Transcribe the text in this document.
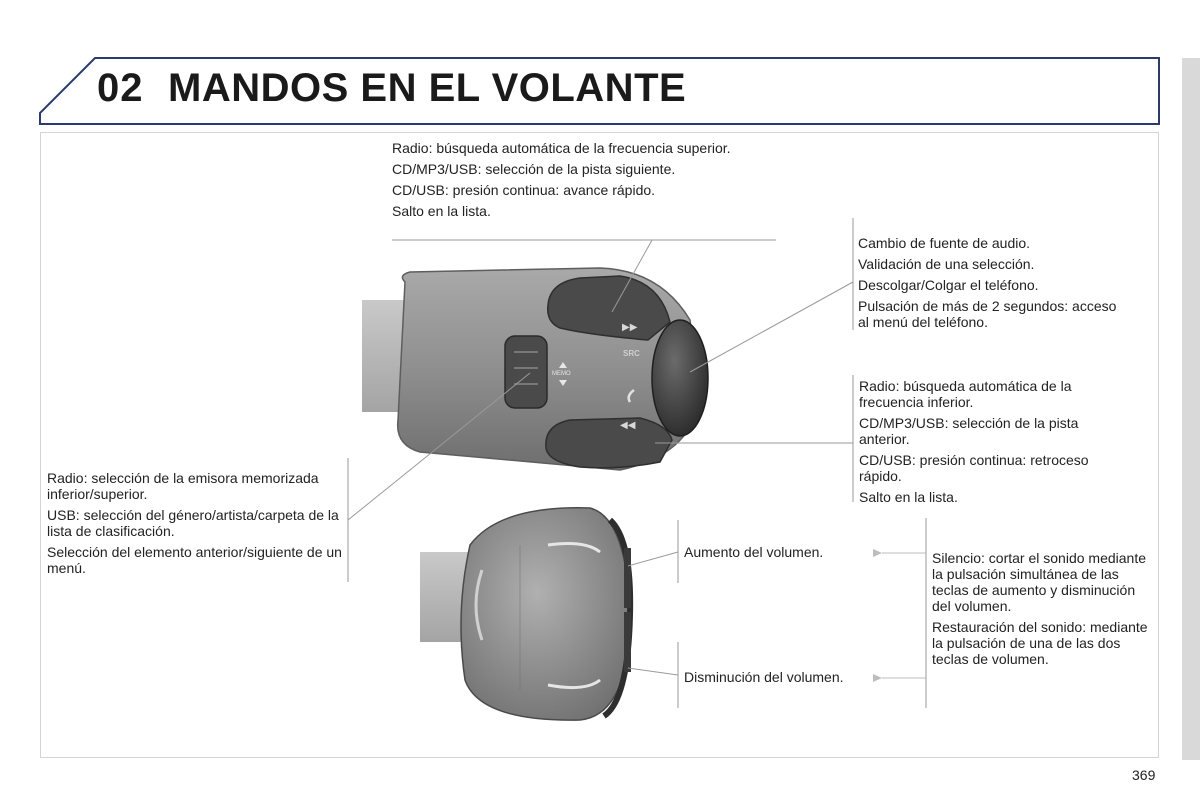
02 MANDOS EN EL VOLANTE
▶▶
◀◀
SRC
MEMO

Radio: búsqueda automática de la frecuencia superior.

CD/MP3/USB: selección de la pista siguiente.

CD/USB: presión continua: avance rápido.

Salto en la lista.

Cambio de fuente de audio.

Validación de una selección.

Descolgar/Colgar el teléfono.

Pulsación de más de 2 segundos: acceso al menú del teléfono.

Radio: búsqueda automática de la frecuencia inferior.

CD/MP3/USB: selección de la pista anterior.

CD/USB: presión continua: retroceso rápido.

Salto en la lista.

Radio: selección de la emisora memorizada inferior/superior.

USB: selección del género/artista/carpeta de la lista de clasificación.

Selección del elemento anterior/siguiente de un menú.

Aumento del volumen.

Disminución del volumen.

Silencio: cortar el sonido mediante la pulsación simultánea de las teclas de aumento y disminución del volumen.

Restauración del sonido: mediante la pulsación de una de las dos teclas de volumen.

369
